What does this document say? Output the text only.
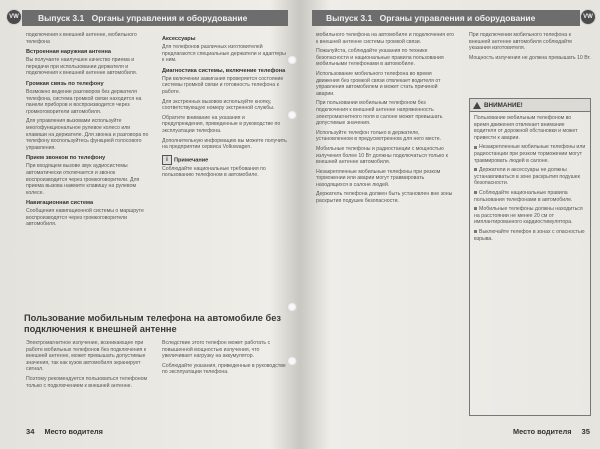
VW	Выпуск 3.1 Органы управления и оборудование
подключения к внешней антенне, мобильного телефона
Встроенная наружная антенна
Вы получаете наилучшее качество приема и передачи при использовании держателя и подключения к внешней антенне автомобиля.
Громкая связь по телефону
Возможно ведение разговоров без держателя телефона, система громкой связи находится на панели приборов и воспроизводится через громкоговорители автомобиля.
Для управления вызовами используйте многофункциональное рулевое колесо или клавиши на держателе. Для звонка и разговора по телефону воспользуйтесь функцией голосового управления.
Прием звонков по телефону
При входящем вызове звук аудиосистемы автоматически отключается и звонок воспроизводится через громкоговорители. Для приема вызова нажмите клавишу на рулевом колесе.
Навигационная система
Сообщения навигационной системы о маршруте воспроизводятся через громкоговорители автомобиля.
Аксессуары
Для телефонов различных изготовителей предлагаются специальные держатели и адаптеры к ним.
Диагностика системы, включение телефона
При включении зажигания проверяется состояние системы громкой связи и готовность телефона к работе.
Для экстренных вызовов используйте кнопку, соответствующую номеру экстренной службы.
Обратите внимание на указания и предупреждения, приведенные в руководстве по эксплуатации телефона.
Дополнительную информацию вы можете получить на предприятии сервиса Volkswagen.
i Примечание
Соблюдайте национальные требования по пользованию телефоном в автомобиле.
Пользование мобильным телефона на автомобиле без подключения к внешней антенне
Электромагнитное излучение, возникающее при работе мобильных телефонов без подключения к внешней антенне, может превышать допустимые значения, так как кузов автомобиля экранирует сигнал.
Поэтому рекомендуется пользоваться телефоном только с подключением к внешней антенне.
Вследствие этого телефон может работать с повышенной мощностью излучения, что увеличивает нагрузку на аккумулятор.
Соблюдайте указания, приведенные в руководстве по эксплуатации телефона.
34 Место водителя
Выпуск 3.1 Органы управления и оборудование	VW
мобильного телефона на автомобиле и подключения его к внешней антенне системы громкой связи.
Пожалуйста, соблюдайте указания по технике безопасности и национальные правила пользования мобильными телефонами в автомобиле.
Использование мобильного телефона во время движения без громкой связи отвлекает водителя от управления автомобилем и может стать причиной аварии.
При пользовании мобильным телефоном без подключения к внешней антенне напряженность электромагнитного поля в салоне может превышать допустимые значения.
Используйте телефон только в держателе, установленном в предусмотренном для него месте.
Мобильные телефоны и радиостанции с мощностью излучения более 10 Вт должны подключаться только к внешней антенне автомобиля.
Незакрепленные мобильные телефоны при резком торможении или аварии могут травмировать находящихся в салоне людей.
Держатель телефона должен быть установлен вне зоны раскрытия подушек безопасности.
При подключении мобильного телефона к внешней антенне автомобиля соблюдайте указания изготовителя.
Мощность излучения не должна превышать 10 Вт.
ВНИМАНИЕ!
Пользование мобильным телефоном во время движения отвлекает внимание водителя от дорожной обстановки и может привести к аварии.
Незакрепленные мобильные телефоны или радиостанции при резком торможении могут травмировать людей в салоне.
Держатели и аксессуары не должны устанавливаться в зоне раскрытия подушек безопасности.
Соблюдайте национальные правила пользования телефонами в автомобиле.
Мобильные телефоны должны находиться на расстоянии не менее 20 см от имплантированного кардиостимулятора.
Выключайте телефон в зонах с опасностью взрыва.
Место водителя 35
